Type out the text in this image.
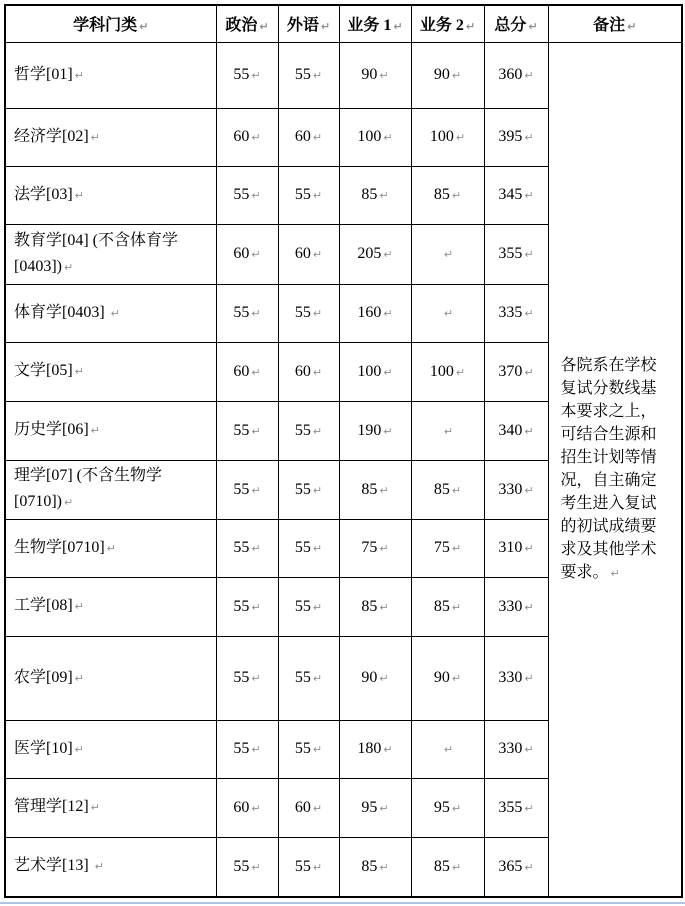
学科门类 ↵	政治 ↵	外语 ↵	业务 1 ↵	业务 2 ↵	总分 ↵	备注 ↵
哲学[01] ↵	55 ↵	55 ↵	90 ↵	90 ↵	360 ↵	各院系在学校复试分数线基本要求之上，可结合生源和招生计划等情况，自主确定考生进入复试的初试成绩要求及其他学术要求。 ↵
经济学[02] ↵	60 ↵	60 ↵	100 ↵	100 ↵	395 ↵	
法学[03] ↵	55 ↵	55 ↵	85 ↵	85 ↵	345 ↵	
教育学[04] (不含体育学[0403]) ↵	60 ↵	60 ↵	205 ↵	↵	355 ↵	
体育学[0403] ↵	55 ↵	55 ↵	160 ↵	↵	335 ↵	
文学[05] ↵	60 ↵	60 ↵	100 ↵	100 ↵	370 ↵	
历史学[06] ↵	55 ↵	55 ↵	190 ↵	↵	340 ↵	
理学[07] (不含生物学[0710]) ↵	55 ↵	55 ↵	85 ↵	85 ↵	330 ↵	
生物学[0710] ↵	55 ↵	55 ↵	75 ↵	75 ↵	310 ↵	
工学[08] ↵	55 ↵	55 ↵	85 ↵	85 ↵	330 ↵	
农学[09] ↵	55 ↵	55 ↵	90 ↵	90 ↵	330 ↵	
医学[10] ↵	55 ↵	55 ↵	180 ↵	↵	330 ↵	
管理学[12] ↵	60 ↵	60 ↵	95 ↵	95 ↵	355 ↵	
艺术学[13] ↵	55 ↵	55 ↵	85 ↵	85 ↵	365 ↵	
